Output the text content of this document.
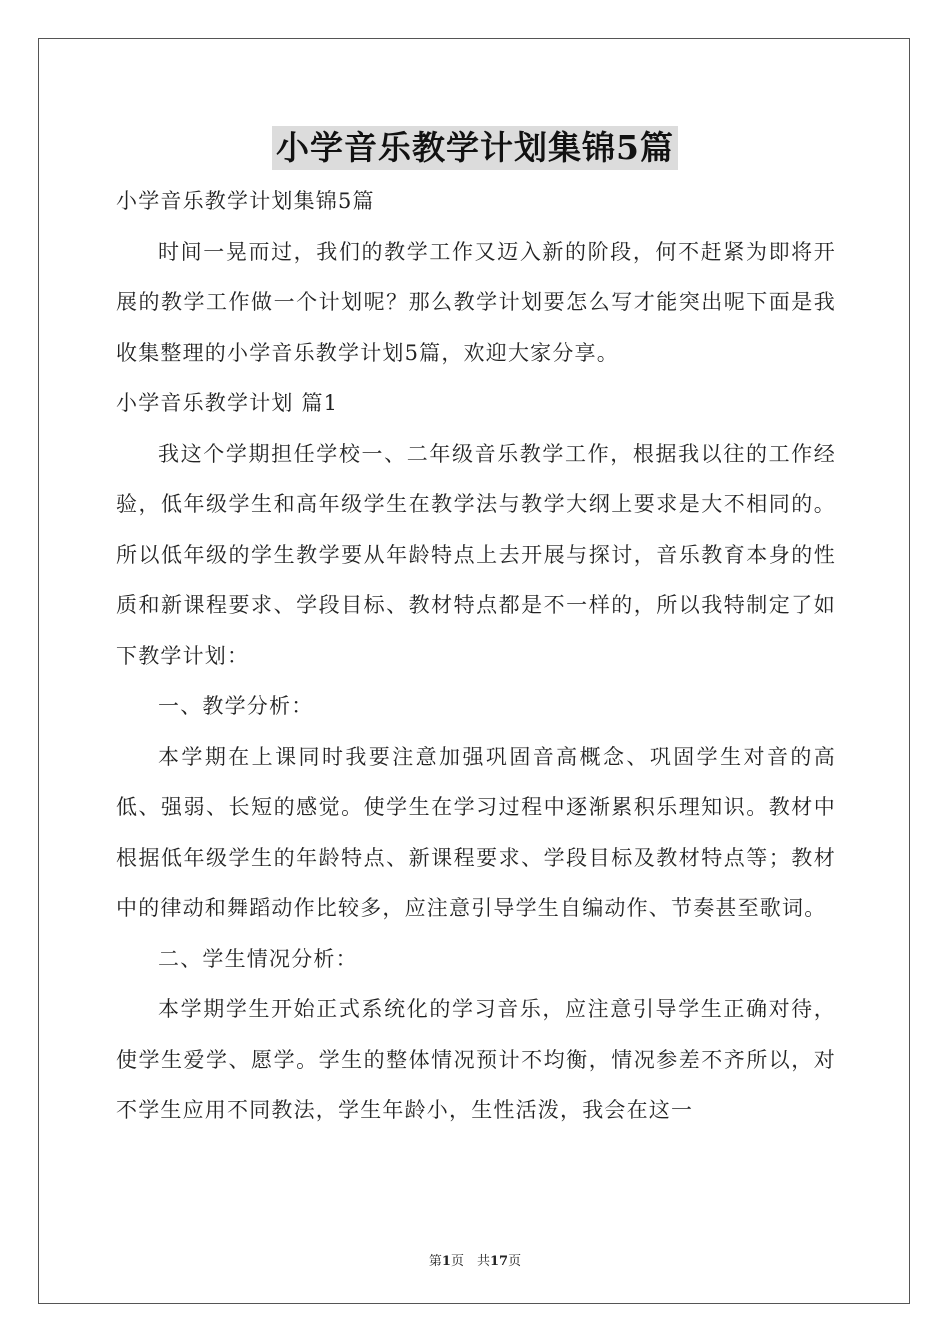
小学音乐教学计划集锦5篇

小学音乐教学计划集锦5篇

时间一晃而过，我们的教学工作又迈入新的阶段，何不赶紧为即将开展的教学工作做一个计划呢？那么教学计划要怎么写才能突出呢下面是我收集整理的小学音乐教学计划5篇，欢迎大家分享。

小学音乐教学计划 篇1

我这个学期担任学校一、二年级音乐教学工作，根据我以往的工作经验，低年级学生和高年级学生在教学法与教学大纲上要求是大不相同的。所以低年级的学生教学要从年龄特点上去开展与探讨，音乐教育本身的性质和新课程要求、学段目标、教材特点都是不一样的，所以我特制定了如下教学计划：

一、教学分析：

本学期在上课同时我要注意加强巩固音高概念、巩固学生对音的高低、强弱、长短的感觉。使学生在学习过程中逐渐累积乐理知识。教材中根据低年级学生的年龄特点、新课程要求、学段目标及教材特点等；教材中的律动和舞蹈动作比较多，应注意引导学生自编动作、节奏甚至歌词。

二、学生情况分析：

本学期学生开始正式系统化的学习音乐，应注意引导学生正确对待，使学生爱学、愿学。学生的整体情况预计不均衡，情况参差不齐所以，对不学生应用不同教法，学生年龄小，生性活泼，我会在这一

第1页　共17页
